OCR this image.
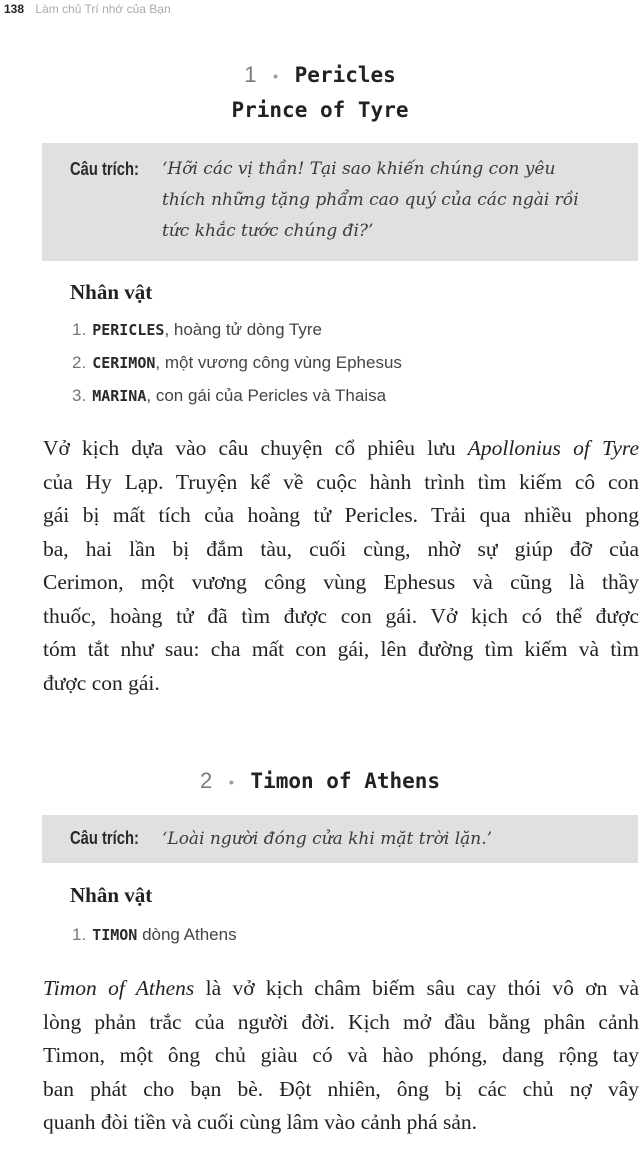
138 Làm chủ Trí nhớ của Bạn
1 • Pericles
Prince of Tyre
Câu trích: ‘Hỡi các vị thần! Tại sao khiến chúng con yêu
thích những tặng phẩm cao quý của các ngài rồi
tức khắc tước chúng đi?’
Nhân vật
1. PERICLES, hoàng tử dòng Tyre
2. CERIMON, một vương công vùng Ephesus
3. MARINA, con gái của Pericles và Thaisa
Vở kịch dựa vào câu chuyện cổ phiêu lưu Apollonius of Tyre
của Hy Lạp. Truyện kể về cuộc hành trình tìm kiếm cô con
gái bị mất tích của hoàng tử Pericles. Trải qua nhiều phong
ba, hai lần bị đắm tàu, cuối cùng, nhờ sự giúp đỡ của
Cerimon, một vương công vùng Ephesus và cũng là thầy
thuốc, hoàng tử đã tìm được con gái. Vở kịch có thể được
tóm tắt như sau: cha mất con gái, lên đường tìm kiếm và tìm
được con gái.
2 • Timon of Athens
Câu trích: ‘Loài người đóng cửa khi mặt trời lặn.’
Nhân vật
1. TIMON dòng Athens
Timon of Athens là vở kịch châm biếm sâu cay thói vô ơn và
lòng phản trắc của người đời. Kịch mở đầu bằng phân cảnh
Timon, một ông chủ giàu có và hào phóng, dang rộng tay
ban phát cho bạn bè. Đột nhiên, ông bị các chủ nợ vây
quanh đòi tiền và cuối cùng lâm vào cảnh phá sản.
